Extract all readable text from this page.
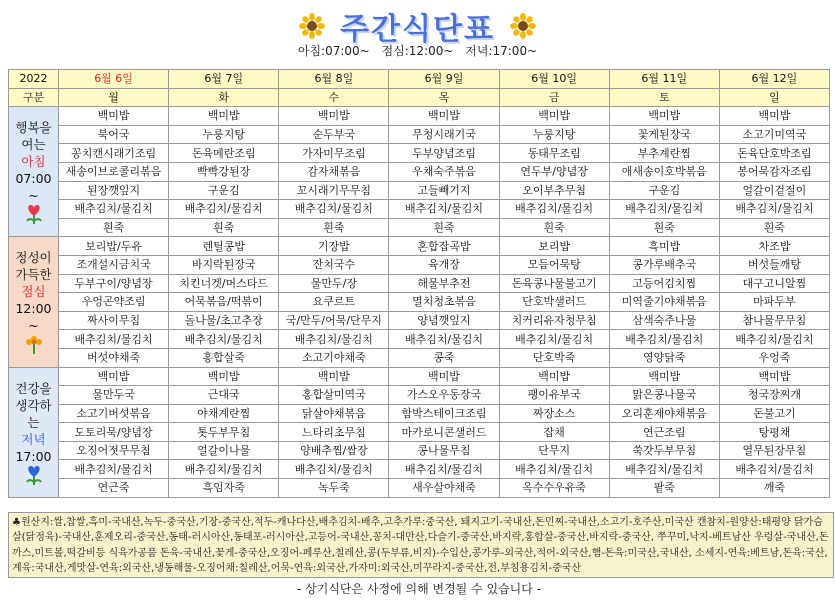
주간식단표
아침:07:00~ 점심:12:00~ 저녁:17:00~
2022	6월 6일	6월 7일	6월 8일	6월 9일	6월 10일	6월 11일	6월 12일
구분	월	화	수	목	금	토	일

행복을
여는
아침
07:00
~	백미밥	백미밥	백미밥	백미밥	백미밥	백미밥	백미밥
	북어국	누룽지탕	순두부국	무청시래기국	누룽지탕	꽃게된장국	소고기미역국
	꽁치캔시래기조림	돈육메란조림	가자미무조림	두부양념조림	동태무조림	부추계란찜	돈육단호박조림
	새송이브로콜리볶음	빡빡강된장	감자채볶음	우채숙주볶음	연두부/양념장	애새송이호박볶음	봉어묵감자조림
	된장깻잎지	구운김	꼬시래기무무침	고들빼기지	오이부추무침	구운김	얼갈이겉절이
	배추김치/물김치	배추김치/물김치	배추김치/물김치	배추김치/물김치	배추김치/물김치	배추김치/물김치	배추김치/물김치
	흰죽	흰죽	흰죽	흰죽	흰죽	흰죽	흰죽

정성이
가득한
점심
12:00
~	보리밥/두유	렌틸콩밥	기장밥	혼합잡곡밥	보리밥	흑미밥	차조밥
	조개설시금치국	바지락된장국	잔치국수	육개장	모듬어묵탕	콩가루배추국	버섯들깨탕
	두부구이/양념장	치킨너겟/머스타드	물만두/장	해물부추전	돈육콩나물불고기	고등어김치찜	대구고니알찜
	우엉곤약조림	어묵볶음/떡볶이	요쿠르트	멸치청초볶음	단호박샐러드	미역줄기야채볶음	마파두부
	짜사이무침	돌나물/초고추장	국/만두/어묵/단무지	양념깻잎지	치커리유자청무침	삼색숙주나물	참나물무무침
	배추김치/물김치	배추김치/물김치	배추김치/물김치	배추김치/물김치	배추김치/물김치	배추김치/물김치	배추김치/물김치
	버섯야채죽	홍합살죽	소고기야채죽	콩죽	단호박죽	영양닭죽	우엉죽

건강을
생각하
는
저녁
17:00	백미밥	백미밥	백미밥	백미밥	백미밥	백미밥	백미밥
	물만두국	근대국	홍합살미역국	가스오우동장국	팽이유부국	맑은콩나물국	청국장찌개
	소고기버섯볶음	야채계란찜	닭살야채볶음	함박스테이크조림	짜장소스	오리훈제야채볶음	돈불고기
	도토리묵/양념장	톳두부무침	느타리초무침	마카로니콘샐러드	잡채	연근조림	탕평채
	오징어젓무무침	얼갈이나물	양배추찜/쌈장	콩나물무침	단무지	쑥갓두부무침	열무된장무침
	배추김치/물김치	배추김치/물김치	배추김치/물김치	배추김치/물김치	배추김치/물김치	배추김치/물김치	배추김치/물김치
	연근죽	흑임자죽	녹두죽	새우살야채죽	옥수수우유죽	팥죽	깨죽
♣원산지:쌀,찹쌀,흑미-국내산,녹두-중국산,기장-중국산,적두-캐나다산,배추김치-배추,고추가루:중국산, 돼지고기-국내산,돈민찌-국내산,소고기-호주산,미국산 캔참치-원양산:태평양 닭가슴살(닭정육)-국내산,훈제오리-중국산,동태-러시아산,동태포-러시아산,고등어-국내산,꽁치-대만산,다슬기-중국산,바지락,홍합살-중국산,바지락-중국산, 쭈꾸미,낙지-베트남산 우렁살-국내산,돈까스,미트볼,떡갈비등 식육가공품 돈육-국내산,꽃게-중국산,오징어-페루산,칠레산,콩(두부류,비지)-수입산,콩가루-외국산,적어-외국산,햄-돈육:미국산,국내산, 소세지-연육:베트남,돈육:국산,계육:국내산,게맛살-연육:외국산,냉동해물-오징어채:칠레산,어묵-연육:외국산,가자미:외국산,미꾸라지-중국산,전,부침용김치-중국산
- 상기식단은 사정에 의해 변경될 수 있습니다 -
